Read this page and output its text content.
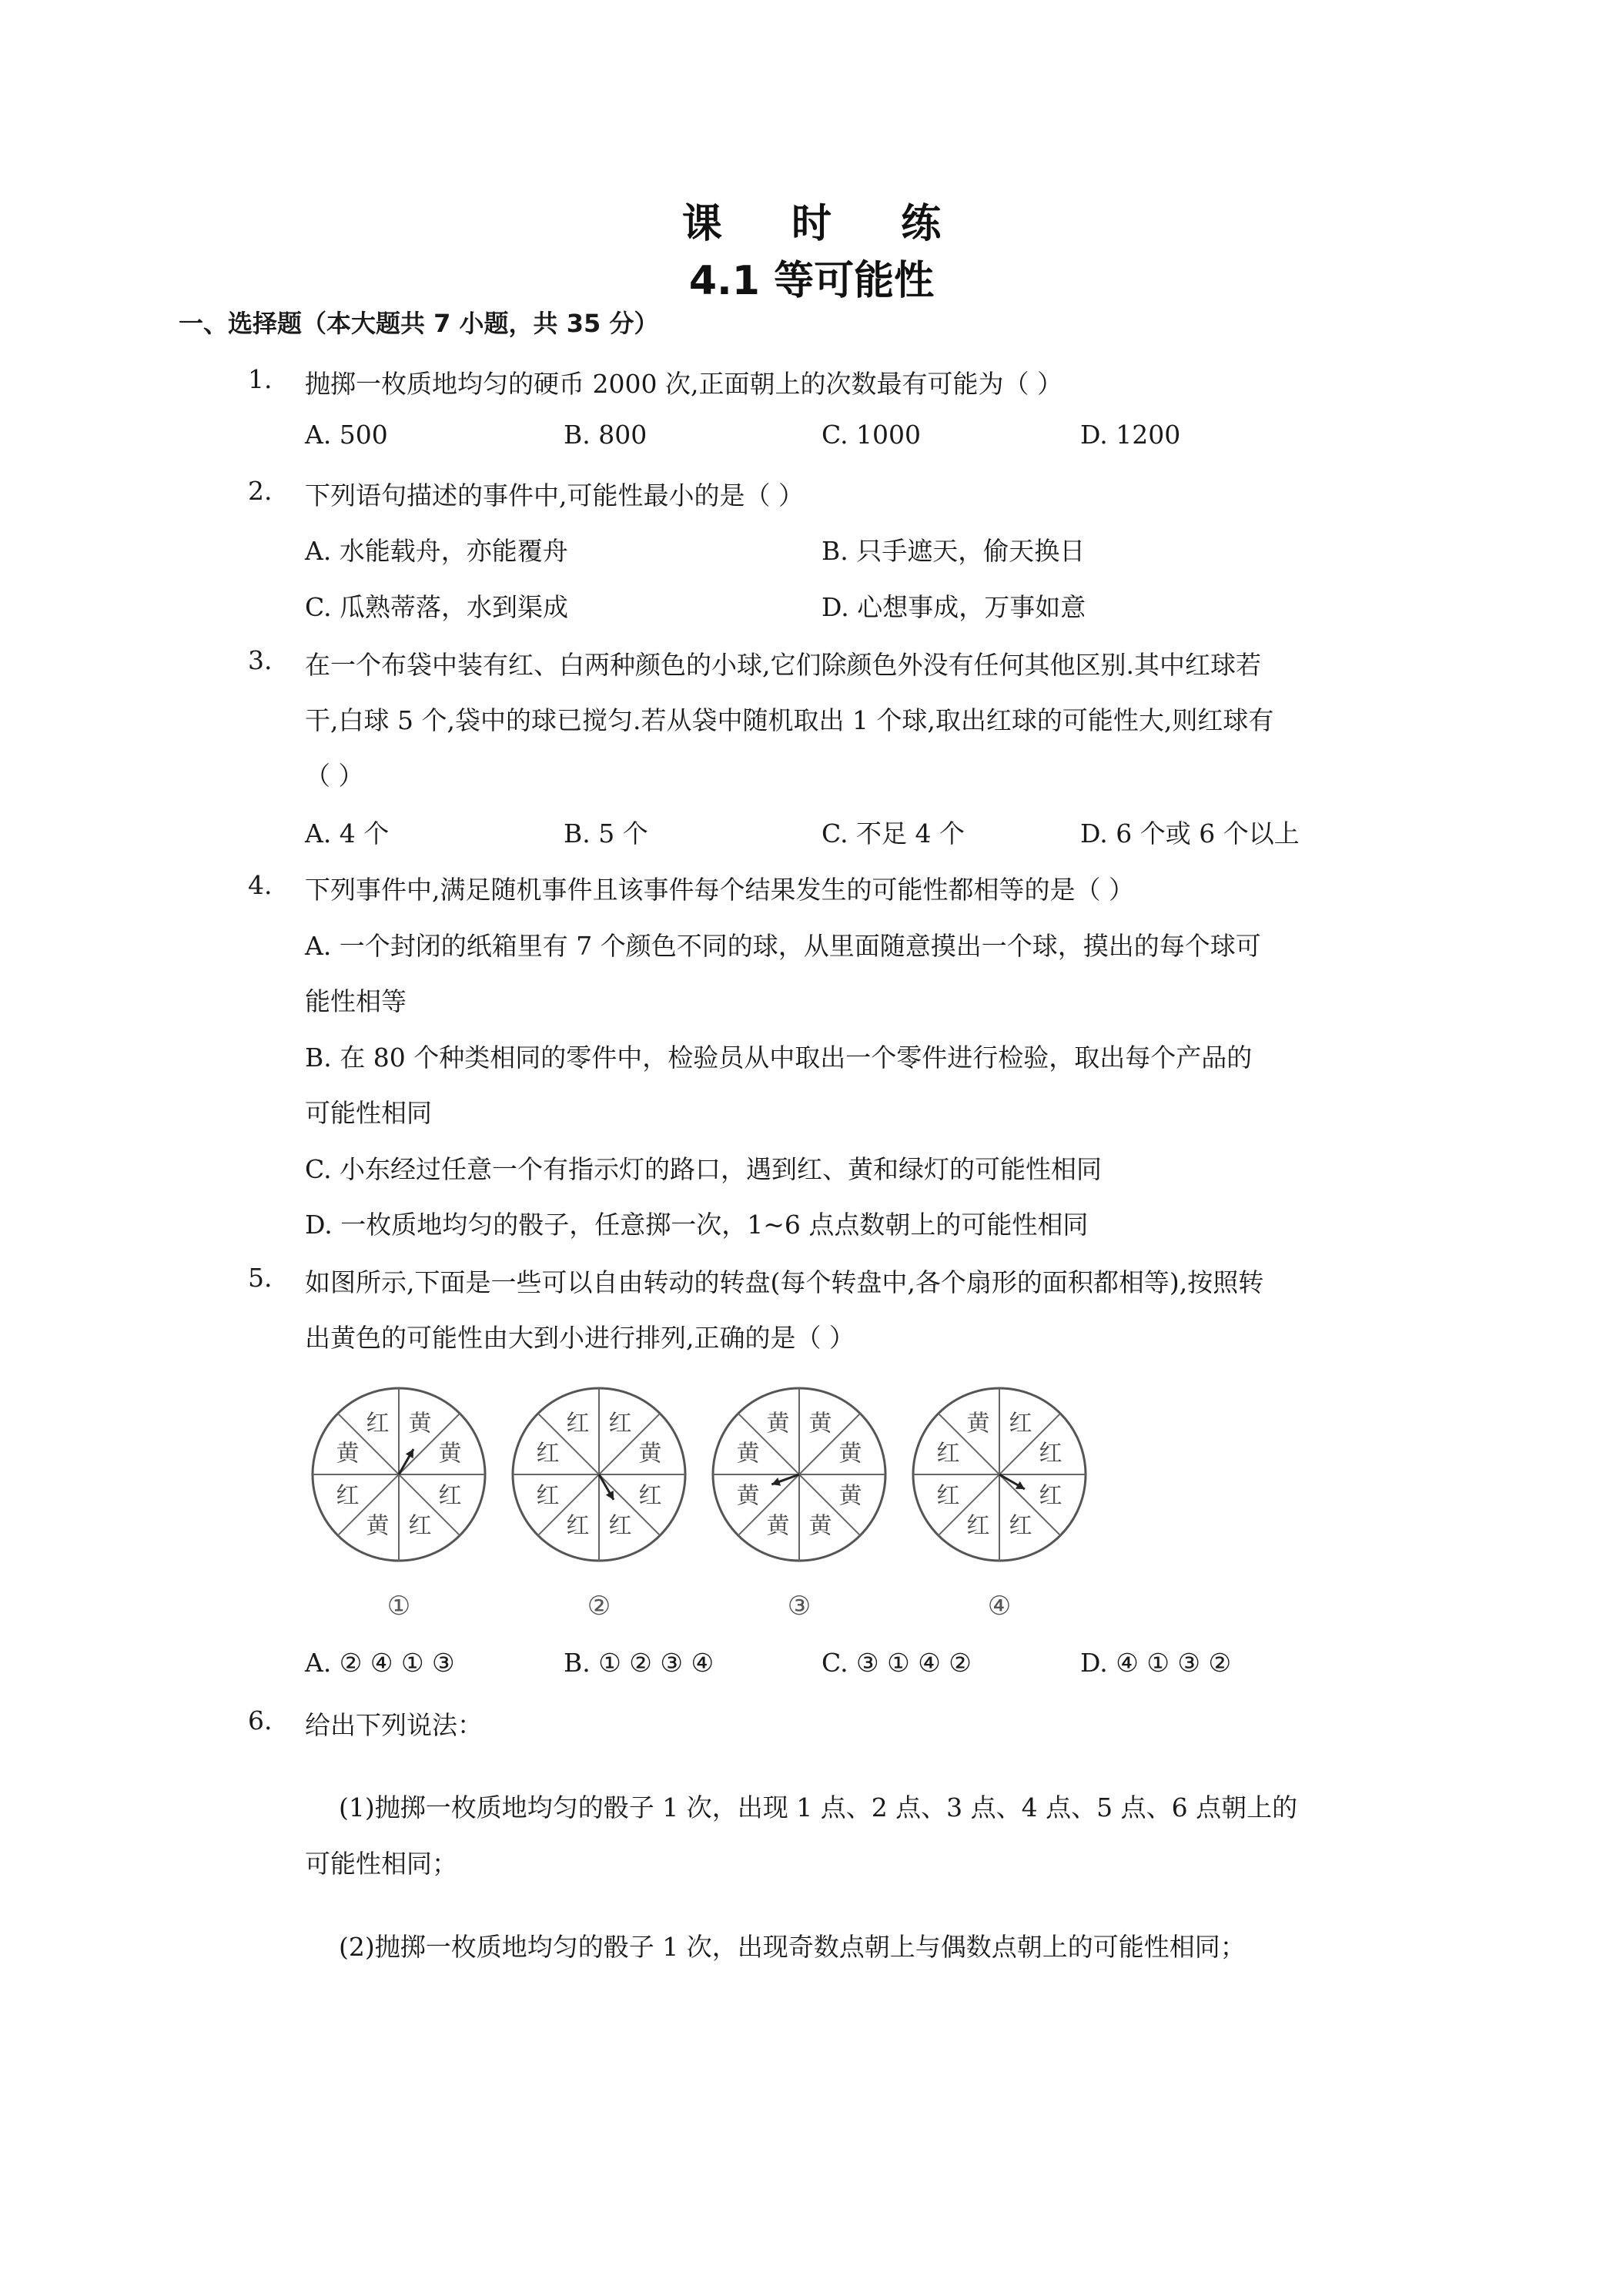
课 时 练
4.1 等可能性
一、选择题（本大题共 7 小题，共 35 分）
1. 抛掷一枚质地均匀的硬币 2000 次,正面朝上的次数最有可能为（ ）
A. 500	B. 800	C. 1000	D. 1200
2. 下列语句描述的事件中,可能性最小的是（ ）
A. 水能载舟，亦能覆舟	B. 只手遮天，偷天换日
C. 瓜熟蒂落，水到渠成	D. 心想事成，万事如意
3. 在一个布袋中装有红、白两种颜色的小球,它们除颜色外没有任何其他区别.其中红球若
干,白球 5 个,袋中的球已搅匀.若从袋中随机取出 1 个球,取出红球的可能性大,则红球有
（ ）
A. 4 个	B. 5 个	C. 不足 4 个	D. 6 个或 6 个以上
4. 下列事件中,满足随机事件且该事件每个结果发生的可能性都相等的是（ ）
A. 一个封闭的纸箱里有 7 个颜色不同的球，从里面随意摸出一个球，摸出的每个球可
能性相等
B. 在 80 个种类相同的零件中，检验员从中取出一个零件进行检验，取出每个产品的
可能性相同
C. 小东经过任意一个有指示灯的路口，遇到红、黄和绿灯的可能性相同
D. 一枚质地均匀的骰子，任意掷一次，1~6 点点数朝上的可能性相同
5. 如图所示,下面是一些可以自由转动的转盘(每个转盘中,各个扇形的面积都相等),按照转
出黄色的可能性由大到小进行排列,正确的是（ ）
红
黄
红
黄 红
红
黄
黄
①
红
红
红
红 红
红
黄
红
②
黄
黄
黄
黄 黄
黄
黄
黄
③
黄
红
红
红 红
红
红
红
④
A. ② ④ ① ③	B. ① ② ③ ④	C. ③ ① ④ ②	D. ④ ① ③ ②
6. 给出下列说法：
(1)抛掷一枚质地均匀的骰子 1 次，出现 1 点、2 点、3 点、4 点、5 点、6 点朝上的
可能性相同；
(2)抛掷一枚质地均匀的骰子 1 次，出现奇数点朝上与偶数点朝上的可能性相同；
